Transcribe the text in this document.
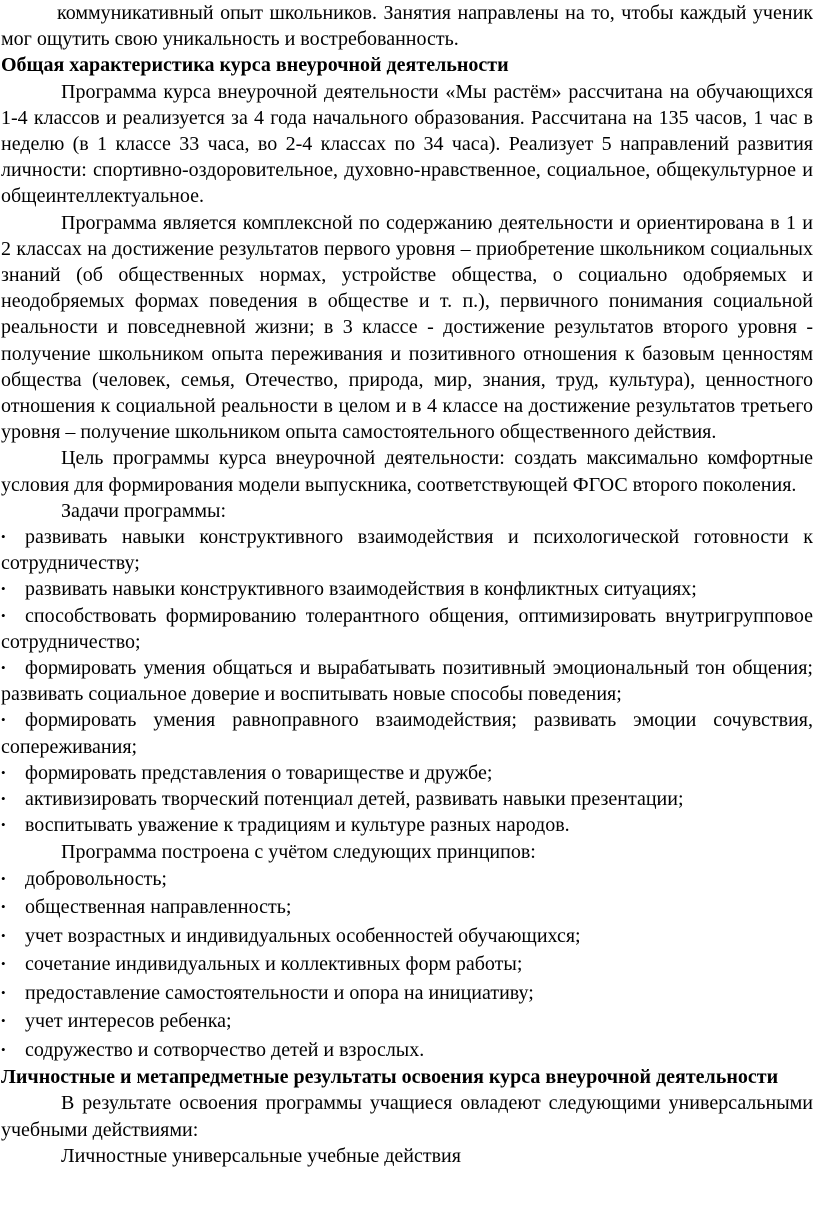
коммуникативный опыт школьников. Занятия направлены на то, чтобы каждый ученик мог ощутить свою уникальность и востребованность.

Общая характеристика курса внеурочной деятельности

Программа курса внеурочной деятельности «Мы растём» рассчитана на обучающихся 1-4 классов и реализуется за 4 года начального образования. Рассчитана на 135 часов, 1 час в неделю (в 1 классе 33 часа, во 2-4 классах по 34 часа). Реализует 5 направлений развития личности: спортивно-оздоровительное, духовно-нравственное, социальное, общекультурное и общеинтеллектуальное.

Программа является комплексной по содержанию деятельности и ориентирована в 1 и 2 классах на достижение результатов первого уровня – приобретение школьником социальных знаний (об общественных нормах, устройстве общества, о социально одобряемых и неодобряемых формах поведения в обществе и т. п.), первичного понимания социальной реальности и повседневной жизни; в 3 классе - достижение результатов второго уровня - получение школьником опыта переживания и позитивного отношения к базовым ценностям общества (человек, семья, Отечество, природа, мир, знания, труд, культура), ценностного отношения к социальной реальности в целом и в 4 классе на достижение результатов третьего уровня – получение школьником опыта самостоятельного общественного действия.

Цель программы курса внеурочной деятельности: создать максимально комфортные условия для формирования модели выпускника, соответствующей ФГОС второго поколения.

Задачи программы:

• развивать навыки конструктивного взаимодействия и психологической готовности к сотрудничеству;
• развивать навыки конструктивного взаимодействия в конфликтных ситуациях;
• способствовать формированию толерантного общения, оптимизировать внутригрупповое сотрудничество;
• формировать умения общаться и вырабатывать позитивный эмоциональный тон общения; развивать социальное доверие и воспитывать новые способы поведения;
• формировать умения равноправного взаимодействия; развивать эмоции сочувствия, сопереживания;
• формировать представления о товариществе и дружбе;
• активизировать творческий потенциал детей, развивать навыки презентации;
• воспитывать уважение к традициям и культуре разных народов.

Программа построена с учётом следующих принципов:

• добровольность;
• общественная направленность;
• учет возрастных и индивидуальных особенностей обучающихся;
• сочетание индивидуальных и коллективных форм работы;
• предоставление самостоятельности и опора на инициативу;
• учет интересов ребенка;
• содружество и сотворчество детей и взрослых.

Личностные и метапредметные результаты освоения курса внеурочной деятельности

В результате освоения программы учащиеся овладеют следующими универсальными учебными действиями:

Личностные универсальные учебные действия
